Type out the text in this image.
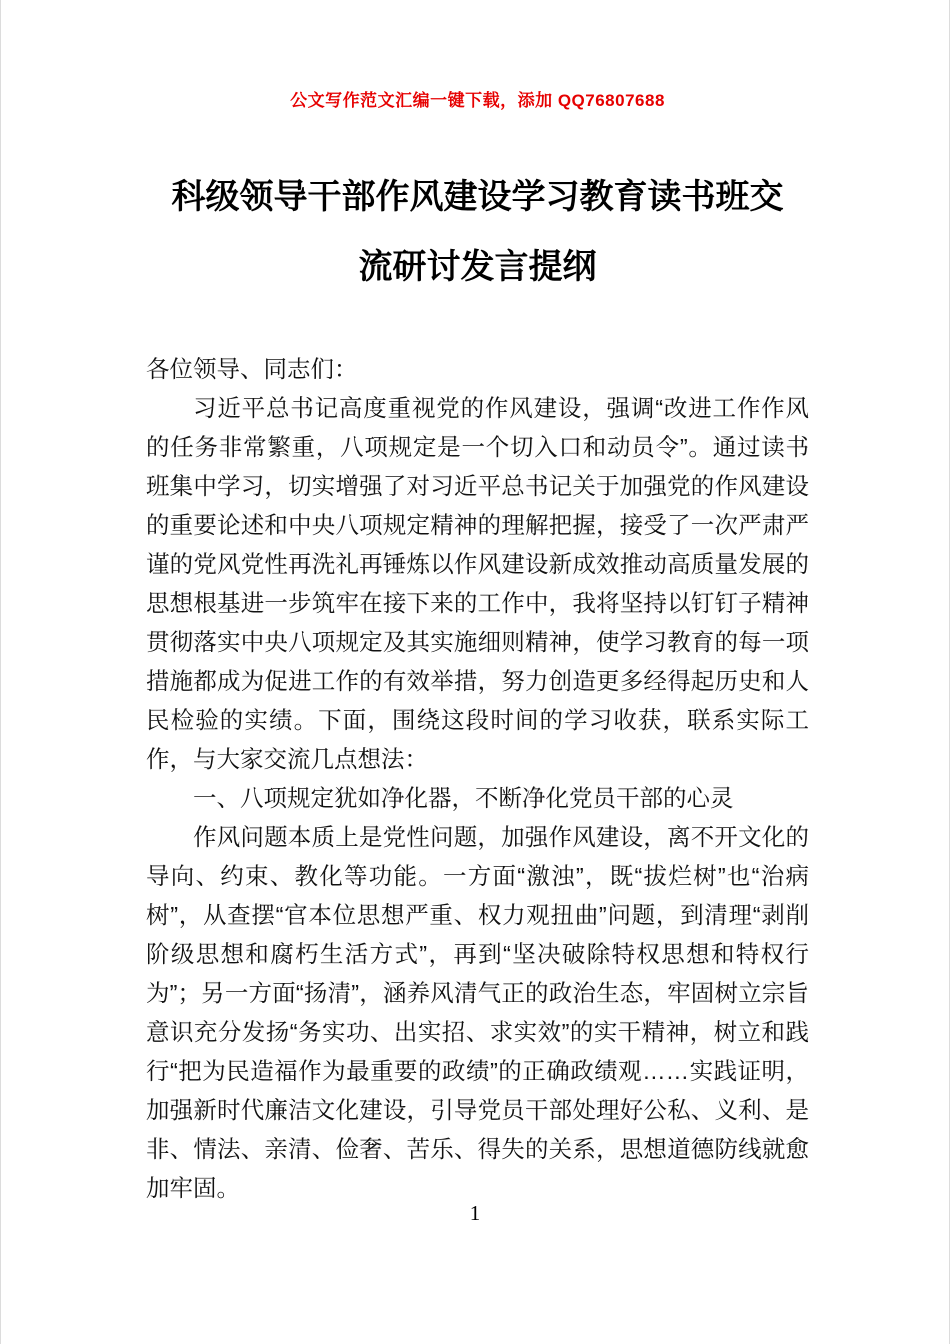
公文写作范文汇编一键下载，添加 QQ76807688
科级领导干部作风建设学习教育读书班交
流研讨发言提纲

各位领导、同志们：

习近平总书记高度重视党的作风建设，强调“改进工作作风的任务非常繁重，八项规定是一个切入口和动员令”。通过读书班集中学习，切实增强了对习近平总书记关于加强党的作风建设的重要论述和中央八项规定精神的理解把握，接受了一次严肃严谨的党风党性再洗礼再锤炼以作风建设新成效推动高质量发展的思想根基进一步筑牢在接下来的工作中，我将坚持以钉钉子精神贯彻落实中央八项规定及其实施细则精神，使学习教育的每一项措施都成为促进工作的有效举措，努力创造更多经得起历史和人民检验的实绩。下面，围绕这段时间的学习收获，联系实际工作，与大家交流几点想法：

一、八项规定犹如净化器，不断净化党员干部的心灵

作风问题本质上是党性问题，加强作风建设，离不开文化的导向、约束、教化等功能。一方面“激浊”，既“拔烂树”也“治病树”，从查摆“官本位思想严重、权力观扭曲”问题，到清理“剥削阶级思想和腐朽生活方式”，再到“坚决破除特权思想和特权行为”；另一方面“扬清”，涵养风清气正的政治生态，牢固树立宗旨意识充分发扬“务实功、出实招、求实效”的实干精神，树立和践行“把为民造福作为最重要的政绩”的正确政绩观……实践证明，加强新时代廉洁文化建设，引导党员干部处理好公私、义利、是非、情法、亲清、俭奢、苦乐、得失的关系，思想道德防线就愈加牢固。

1
